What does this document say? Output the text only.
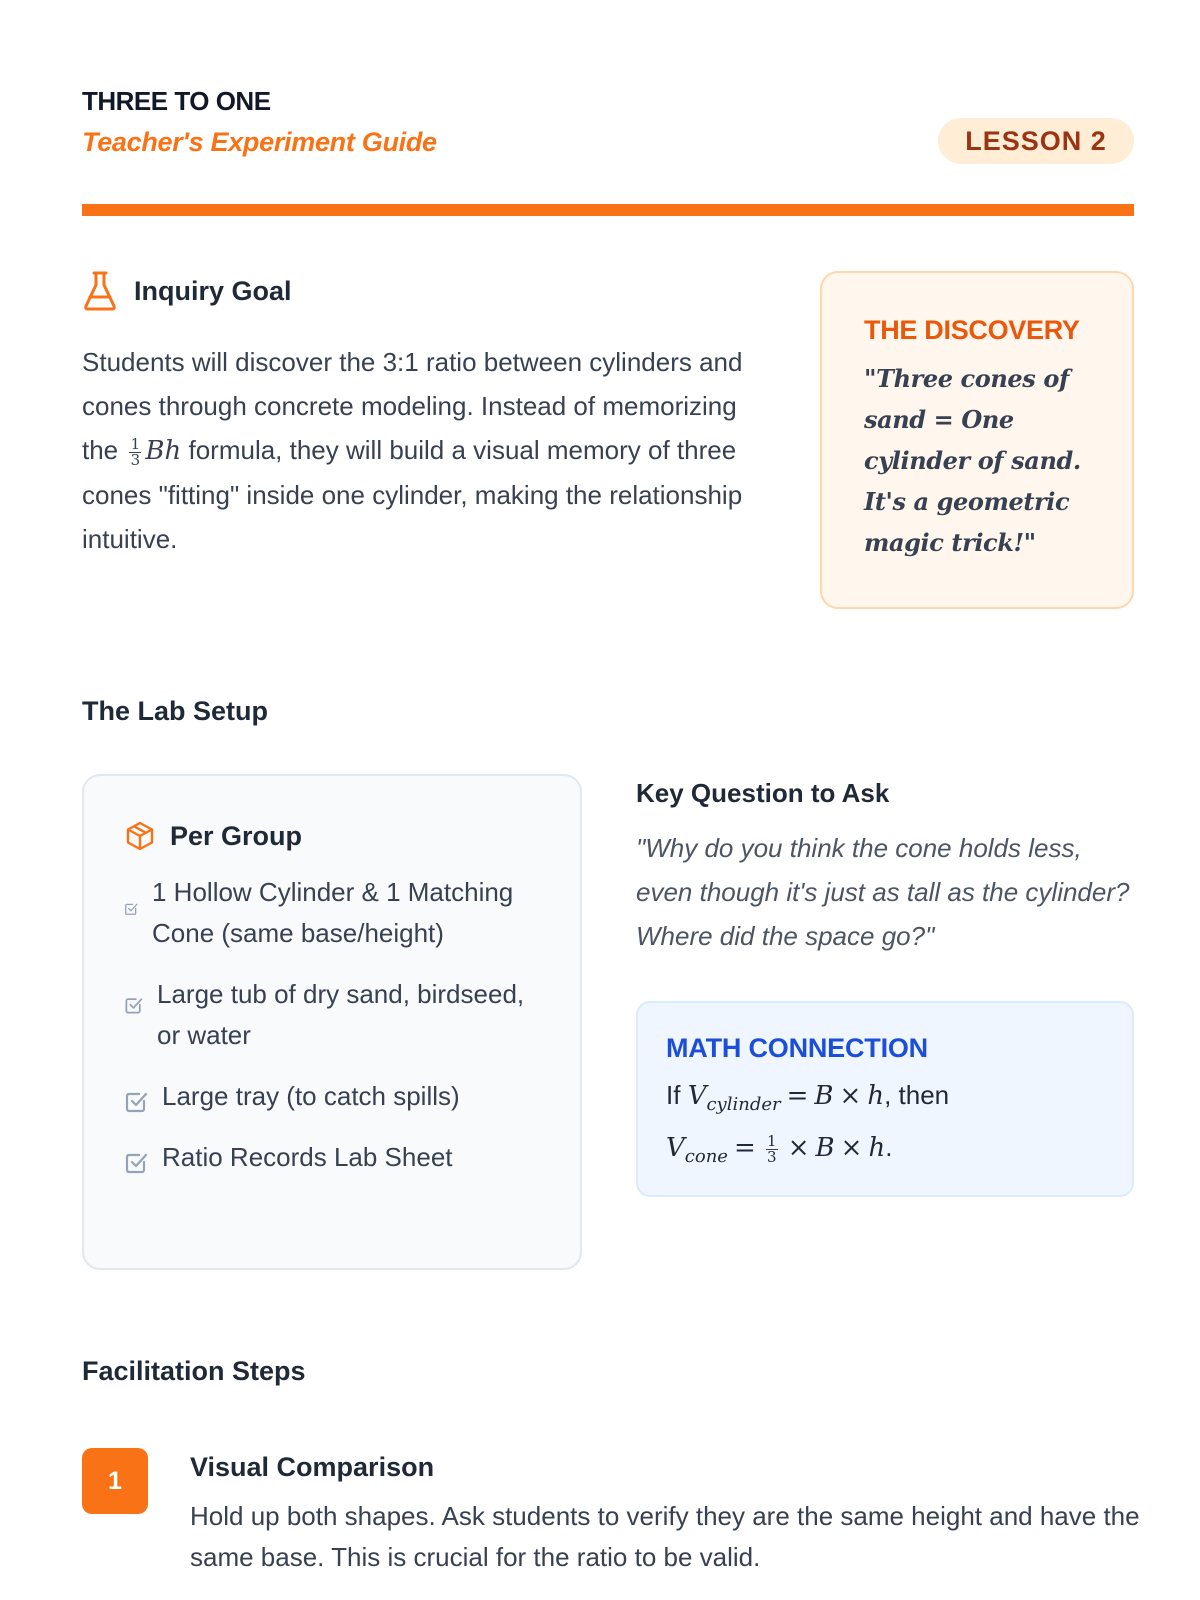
THREE TO ONE
Teacher's Experiment Guide	LESSON 2
Inquiry Goal
Students will discover the 3:1 ratio between cylinders and cones through concrete modeling. Instead of memorizing the $\frac{1}{3}$ Bh formula, they will build a visual memory of three cones "fitting" inside one cylinder, making the relationship intuitive.
THE DISCOVERY
"Three cones of sand = One cylinder of sand. It's a geometric magic trick!"
The Lab Setup
Per Group
1 Hollow Cylinder & 1 Matching Cone (same base/height)
Large tub of dry sand, birdseed, or water
Large tray (to catch spills)
Ratio Records Lab Sheet
Key Question to Ask
"Why do you think the cone holds less, even though it's just as tall as the cylinder? Where did the space go?"
MATH CONNECTION
If $V_{cylinder} = B \times h$, then
$V_{cone} = \frac{1}{3} \times B \times h$.
Facilitation Steps
1	Visual Comparison
Hold up both shapes. Ask students to verify they are the same height and have the same base. This is crucial for the ratio to be valid.
